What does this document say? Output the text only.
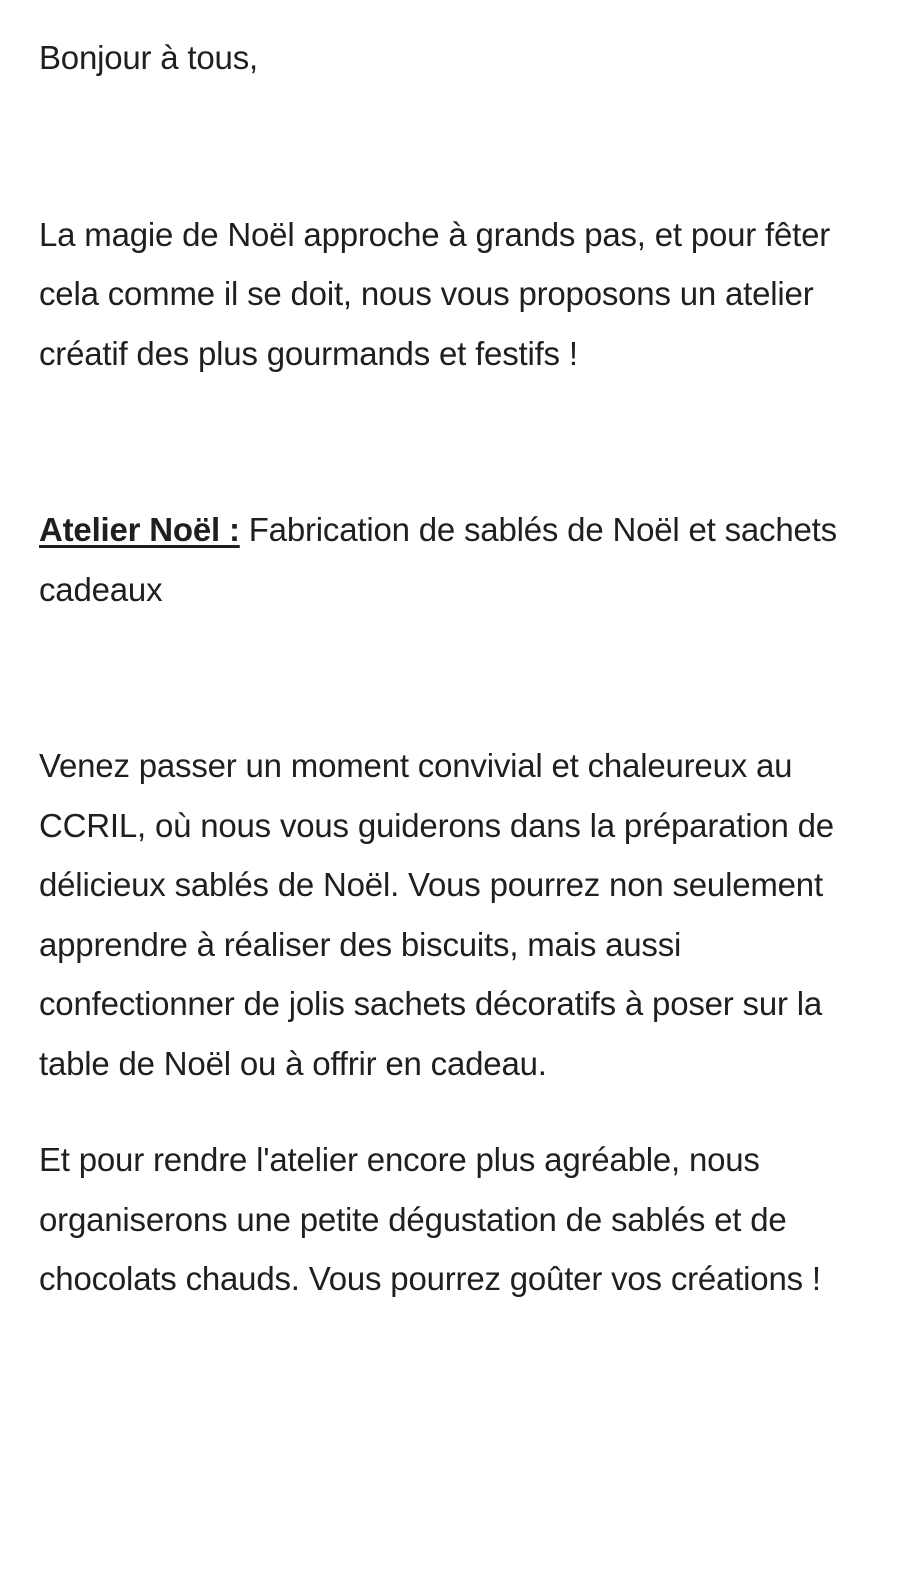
Bonjour à tous,

La magie de Noël approche à grands pas, et pour fêter cela comme il se doit, nous vous proposons un atelier créatif des plus gourmands et festifs !

Atelier Noël : Fabrication de sablés de Noël et sachets cadeaux

Venez passer un moment convivial et chaleureux au CCRIL, où nous vous guiderons dans la préparation de délicieux sablés de Noël. Vous pourrez non seulement apprendre à réaliser des biscuits, mais aussi confectionner de jolis sachets décoratifs à poser sur la table de Noël ou à offrir en cadeau.

Et pour rendre l'atelier encore plus agréable, nous organiserons une petite dégustation de sablés et de chocolats chauds. Vous pourrez goûter vos créations !
